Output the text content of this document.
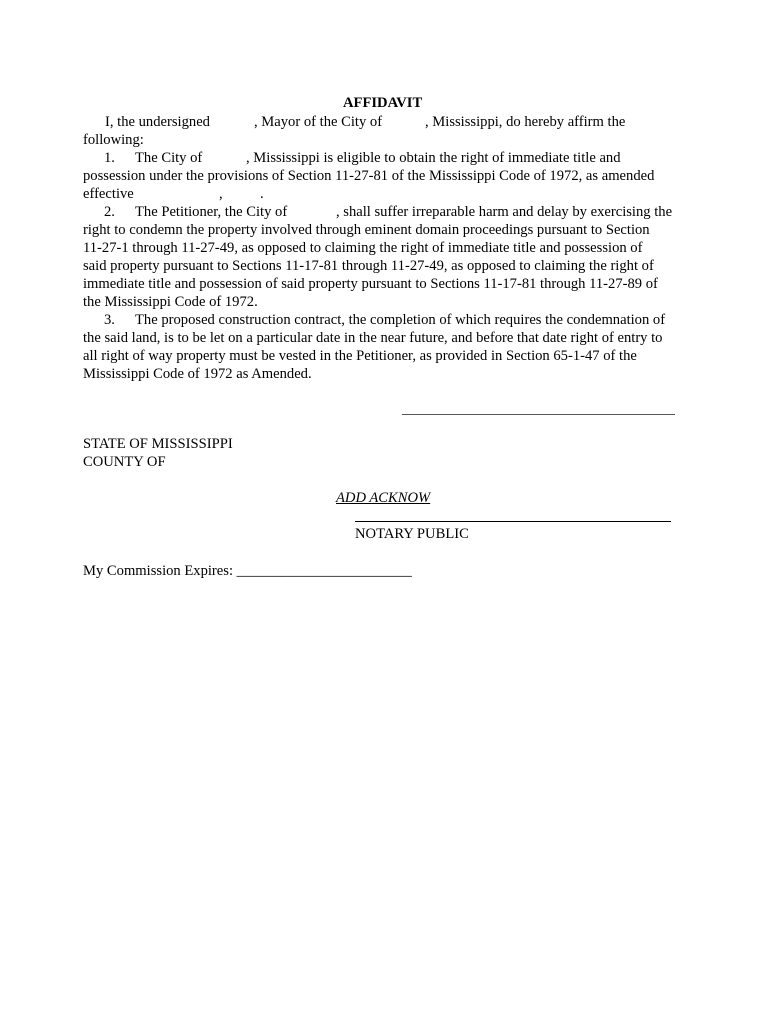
AFFIDAVIT
I, the undersigned	, Mayor of the City of	, Mississippi, do hereby affirm the
following:
1. The City of	, Mississippi is eligible to obtain the right of immediate title and
possession under the provisions of Section 11-27-81 of the Mississippi Code of 1972, as amended
effective	,	.
2. The Petitioner, the City of	, shall suffer irreparable harm and delay by exercising the
right to condemn the property involved through eminent domain proceedings pursuant to Section
11-27-1 through 11-27-49, as opposed to claiming the right of immediate title and possession of
said property pursuant to Sections 11-17-81 through 11-27-49, as opposed to claiming the right of
immediate title and possession of said property pursuant to Sections 11-17-81 through 11-27-89 of
the Mississippi Code of 1972.
3. The proposed construction contract, the completion of which requires the condemnation of
the said land, is to be let on a particular date in the near future, and before that date right of entry to
all right of way property must be vested in the Petitioner, as provided in Section 65-1-47 of the
Mississippi Code of 1972 as Amended.
STATE OF MISSISSIPPI
COUNTY OF
ADD ACKNOW
NOTARY PUBLIC
My Commission Expires: ________________________
